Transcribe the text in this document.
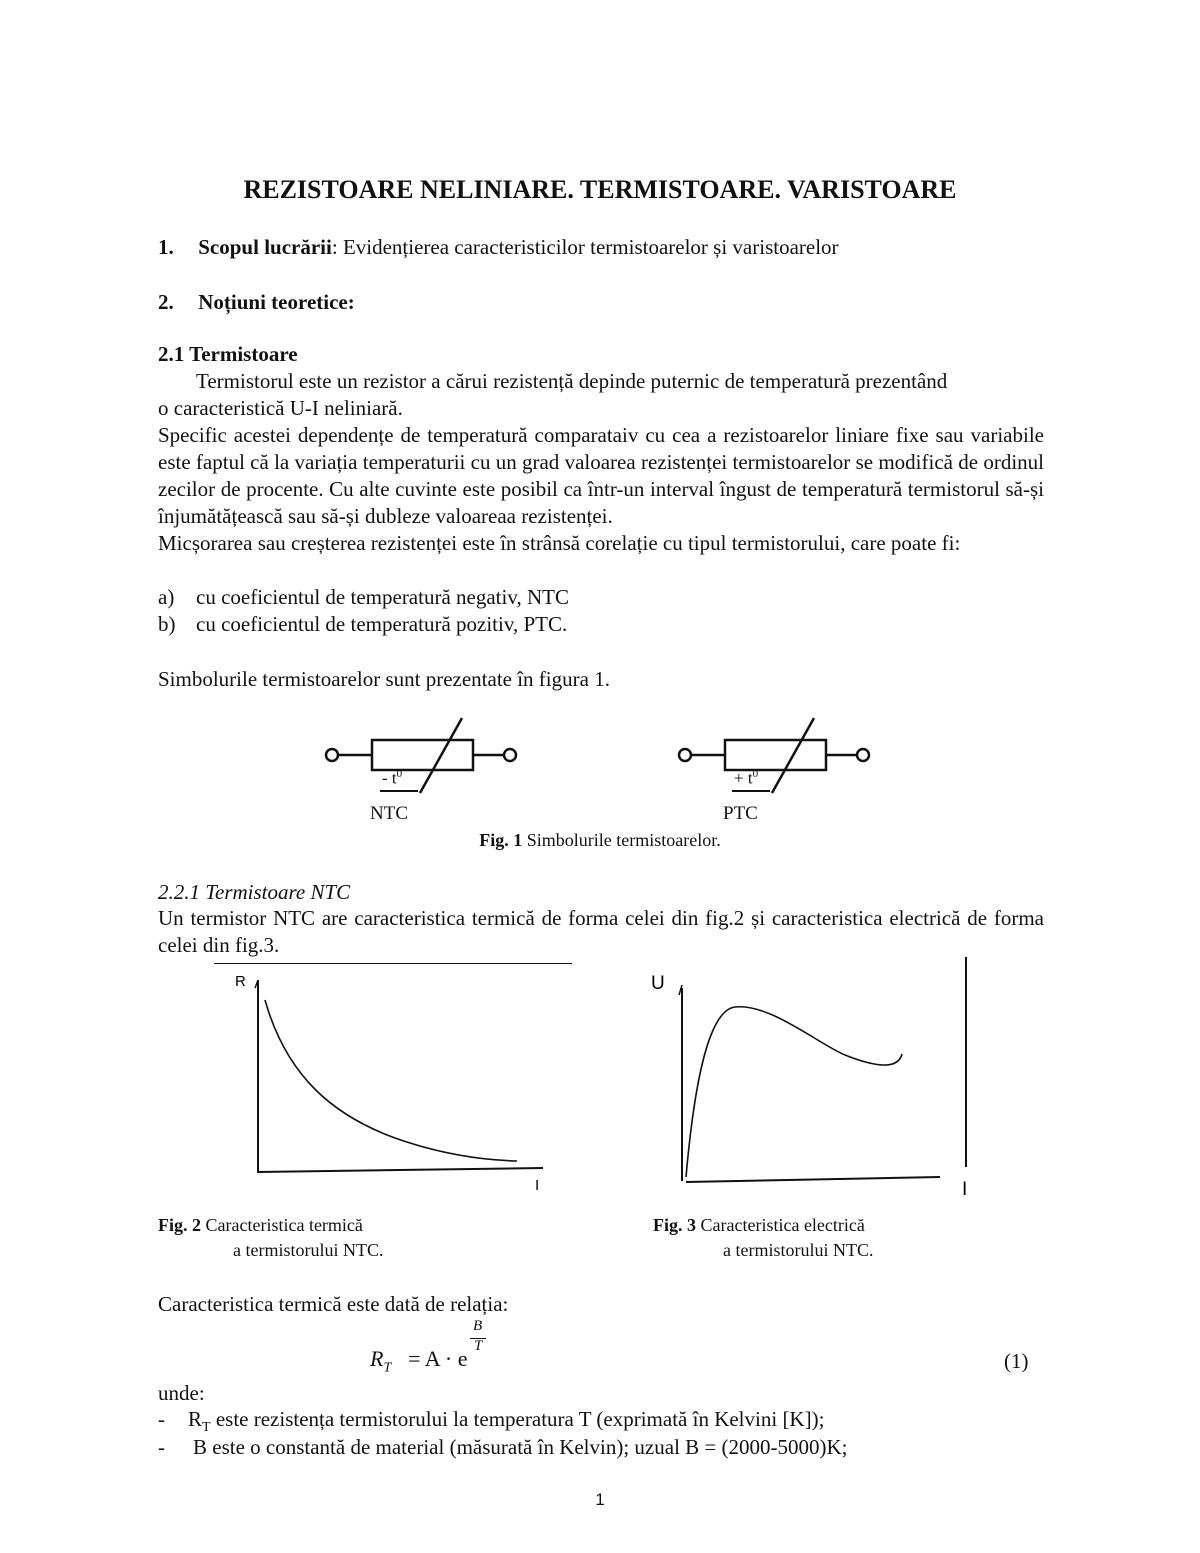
REZISTOARE NELINIARE. TERMISTOARE. VARISTOARE
1. Scopul lucrării: Evidențierea caracteristicilor termistoarelor și varistoarelor
2. Noțiuni teoretice:
2.1 Termistoare
Termistorul este un rezistor a cărui rezistență depinde puternic de temperatură prezentând
o caracteristică U-I neliniară.
Specific acestei dependențe de temperatură comparataiv cu cea a rezistoarelor liniare fixe sau variabile este faptul că la variația temperaturii cu un grad valoarea rezistenței termistoarelor se modifică de ordinul zecilor de procente. Cu alte cuvinte este posibil ca într-un interval îngust de temperatură termistorul să-și înjumătățească sau să-și dubleze valoareaa rezistenței.
Micșorarea sau creșterea rezistenței este în strânsă corelație cu tipul termistorului, care poate fi:
a) cu coeficientul de temperatură negativ, NTC
b) cu coeficientul de temperatură pozitiv, PTC.
Simbolurile termistoarelor sunt prezentate în figura 1.
- $t^0$	+ $t^0$
NTC	PTC
Fig. 1 Simbolurile termistoarelor.
2.2.1 Termistoare NTC
Un termistor NTC are caracteristica termică de forma celei din fig.2 și caracteristica electrică de forma celei din fig.3.
R
I
U
I
Fig. 2 Caracteristica termică
a termistorului NTC.
Fig. 3 Caracteristica electrică
a termistorului NTC.
Caracteristica termică este dată de relația:
$R_T = A \cdot e$
B
T
(1)
unde:
- $R_T$ este rezistența termistorului la temperatura T (exprimată în Kelvini [K]);
- B este o constantă de material (măsurată în Kelvin); uzual B = (2000-5000)K;
1
